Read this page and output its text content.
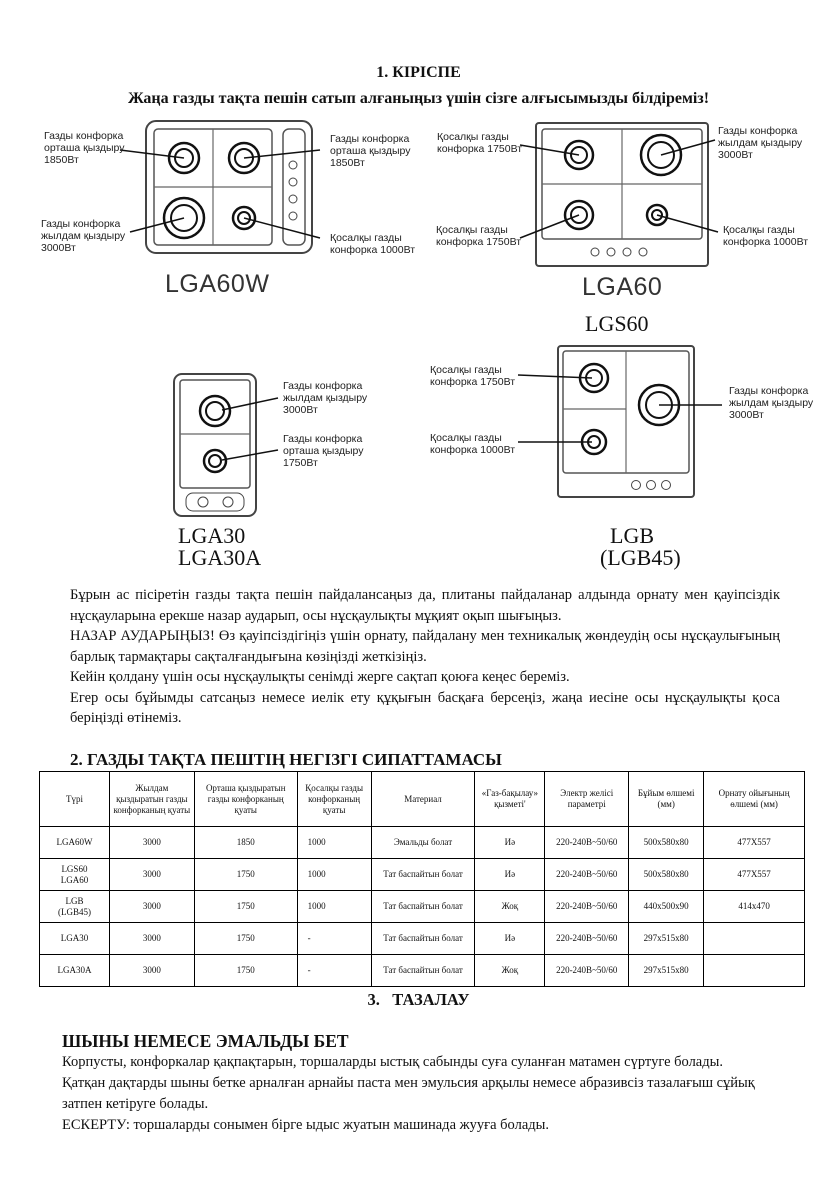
1. КІРІСПЕ
Жаңа газды тақта пешін сатып алғаныңыз үшін сізге алғысымызды білдіреміз!
Газды конфорка орташа қыздыру 1850Вт
Газды конфорка жылдам қыздыру 3000Вт
Газды конфорка орташа қыздыру 1850Вт
Қосалқы газды конфорка 1000Вт
LGA60W
Қосалқы газды конфорка 1750Вт
Қосалқы газды конфорка 1750Вт
Газды конфорка жылдам қыздыру 3000Вт
Қосалқы газды конфорка 1000Вт
LGA60
LGS60
Газды конфорка жылдам қыздыру 3000Вт
Газды конфорка орташа қыздыру 1750Вт
LGA30
LGA30A
Қосалқы газды конфорка 1750Вт
Қосалқы газды конфорка 1000Вт
Газды конфорка жылдам қыздыру 3000Вт
LGB
(LGB45)

Бұрын ас пісіретін газды тақта пешін пайдалансаңыз да, плитаны пайдаланар алдында орнату мен қауіпсіздік нұсқауларына ерекше назар аударып, осы нұсқаулықты мұқият оқып шығыңыз.

НАЗАР АУДАРЫҢЫЗ! Өз қауіпсіздігіңіз үшін орнату, пайдалану мен техникалық жөндеудің осы нұсқаулығының барлық тармақтары сақталғандығына көзіңізді жеткізіңіз.

Кейін қолдану үшін осы нұсқаулықты сенімді жерге сақтап қоюға кеңес береміз.

Егер осы бұйымды сатсаңыз немесе иелік ету құқығын басқаға берсеңіз, жаңа иесіне осы нұсқаулықты қоса беріңізді өтінеміз.

2. ГАЗДЫ ТАҚТА ПЕШТІҢ НЕГІЗГІ СИПАТТАМАСЫ
Түрі	Жылдам қыздыратын газды конфорканың қуаты	Орташа қыздыратын газды конфорканың қуаты	Қосалқы газды конфорканың қуаты	Материал	«Газ-бақылау» қызметі'	Электр желісі параметрі	Бұйым өлшемі (мм)	Орнату ойығының өлшемі (мм)
LGA60W	3000	1850	1000	Эмальды болат	Иә	220-240В~50/60	500х580х80	477Х557
LGS60
LGA60	3000	1750	1000	Тат баспайтын болат	Иә	220-240В~50/60	500х580х80	477Х557
LGB
(LGB45)	3000	1750	1000	Тат баспайтын болат	Жоқ	220-240В~50/60	440х500х90	414х470
LGA30	3000	1750	-	Тат баспайтын болат	Иә	220-240В~50/60	297х515х80	
LGA30A	3000	1750	-	Тат баспайтын болат	Жоқ	220-240В~50/60	297х515х80	
3.   ТАЗАЛАУ
ШЫНЫ НЕМЕСЕ ЭМАЛЬДЫ БЕТ

Корпусты, конфоркалар қақпақтарын, торшаларды ыстық сабынды суға суланған матамен сүртуге болады.

Қатқан дақтарды шыны бетке арналған арнайы паста мен эмульсия арқылы немесе абразивсіз тазалағыш сұйық затпен кетіруге болады.

ЕСКЕРТУ: торшаларды сонымен бірге ыдыс жуатын машинада жууға болады.
